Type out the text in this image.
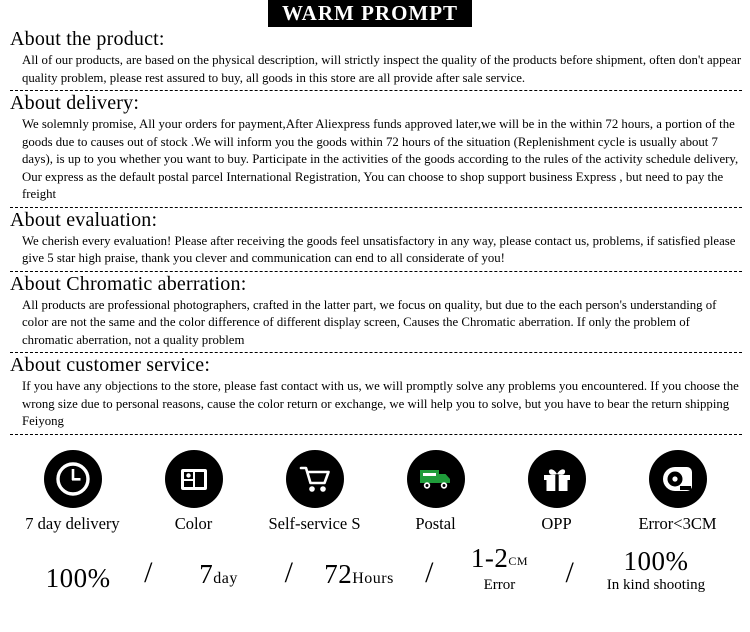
WARM PROMPT
About the product:
All of our products, are based on the physical description, will strictly inspect the quality of the products before shipment, often don't appear quality problem, please rest assured to buy, all goods in this store are all provide after sale service.
About delivery:
We solemnly promise, All your orders for payment,After Aliexpress funds approved later,we will be in the within 72 hours, a portion of the goods due to causes out of stock .We will inform you the goods within 72 hours of the situation (Replenishment cycle is usually about 7 days), is up to you whether you want to buy. Participate in the activities of the goods according to the rules of the activity schedule delivery, Our express as the default postal parcel International Registration, You can choose to shop support business Express , but need to pay the freight
About evaluation:
We cherish every evaluation! Please after receiving the goods feel unsatisfactory in any way, please contact us, problems, if satisfied please give 5 star high praise, thank you clever and communication can end to all considerate of you!
About Chromatic aberration:
All products are professional photographers, crafted in the latter part, we focus on quality, but due to the each person's understanding of color are not the same and the color difference of different display screen, Causes the Chromatic aberration. If only the problem of chromatic aberration, not a quality problem
About customer service:
If you have any objections to the store, please fast contact with us, we will promptly solve any problems you encountered. If you choose the wrong size due to personal reasons, cause the color return or exchange, we will help you to solve, but you have to bear the return shipping Feiyong
7 day delivery	Color	Self-service S	Postal	OPP	Error<3CM
100% / 7day / 72Hours / 1-2CM
Error / 100%
In kind shooting
